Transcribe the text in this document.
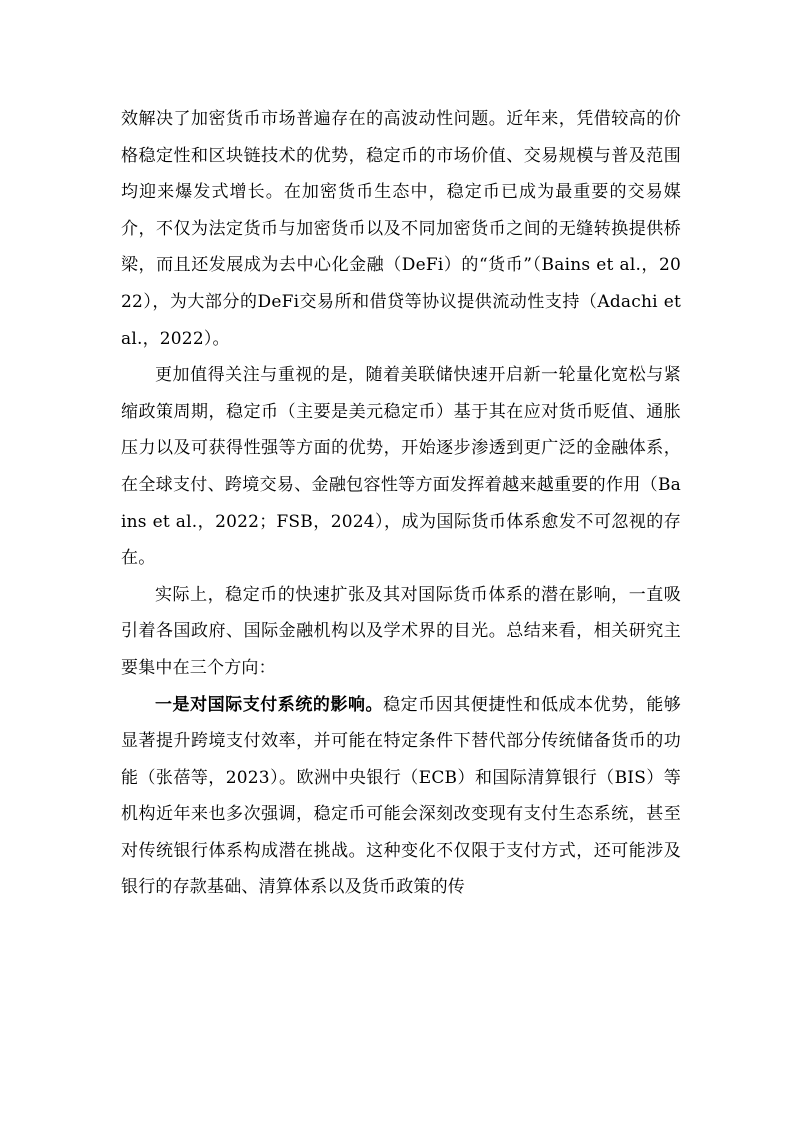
效解决了加密货币市场普遍存在的高波动性问题。近年来，凭借较高的价格稳定性和区块链技术的优势，稳定币的市场价值、交易规模与普及范围均迎来爆发式增长。在加密货币生态中，稳定币已成为最重要的交易媒介，不仅为法定货币与加密货币以及不同加密货币之间的无缝转换提供桥梁，而且还发展成为去中心化金融（DeFi）的“货币”（Bains et al.，2022），为大部分的DeFi交易所和借贷等协议提供流动性支持（Adachi et al.，2022）。

更加值得关注与重视的是，随着美联储快速开启新一轮量化宽松与紧缩政策周期，稳定币（主要是美元稳定币）基于其在应对货币贬值、通胀压力以及可获得性强等方面的优势，开始逐步渗透到更广泛的金融体系，在全球支付、跨境交易、金融包容性等方面发挥着越来越重要的作用（Bains et al.，2022；FSB，2024），成为国际货币体系愈发不可忽视的存在。

实际上，稳定币的快速扩张及其对国际货币体系的潜在影响，一直吸引着各国政府、国际金融机构以及学术界的目光。总结来看，相关研究主要集中在三个方向：

一是对国际支付系统的影响。稳定币因其便捷性和低成本优势，能够显著提升跨境支付效率，并可能在特定条件下替代部分传统储备货币的功能（张蓓等，2023）。欧洲中央银行（ECB）和国际清算银行（BIS）等机构近年来也多次强调，稳定币可能会深刻改变现有支付生态系统，甚至对传统银行体系构成潜在挑战。这种变化不仅限于支付方式，还可能涉及银行的存款基础、清算体系以及货币政策的传
